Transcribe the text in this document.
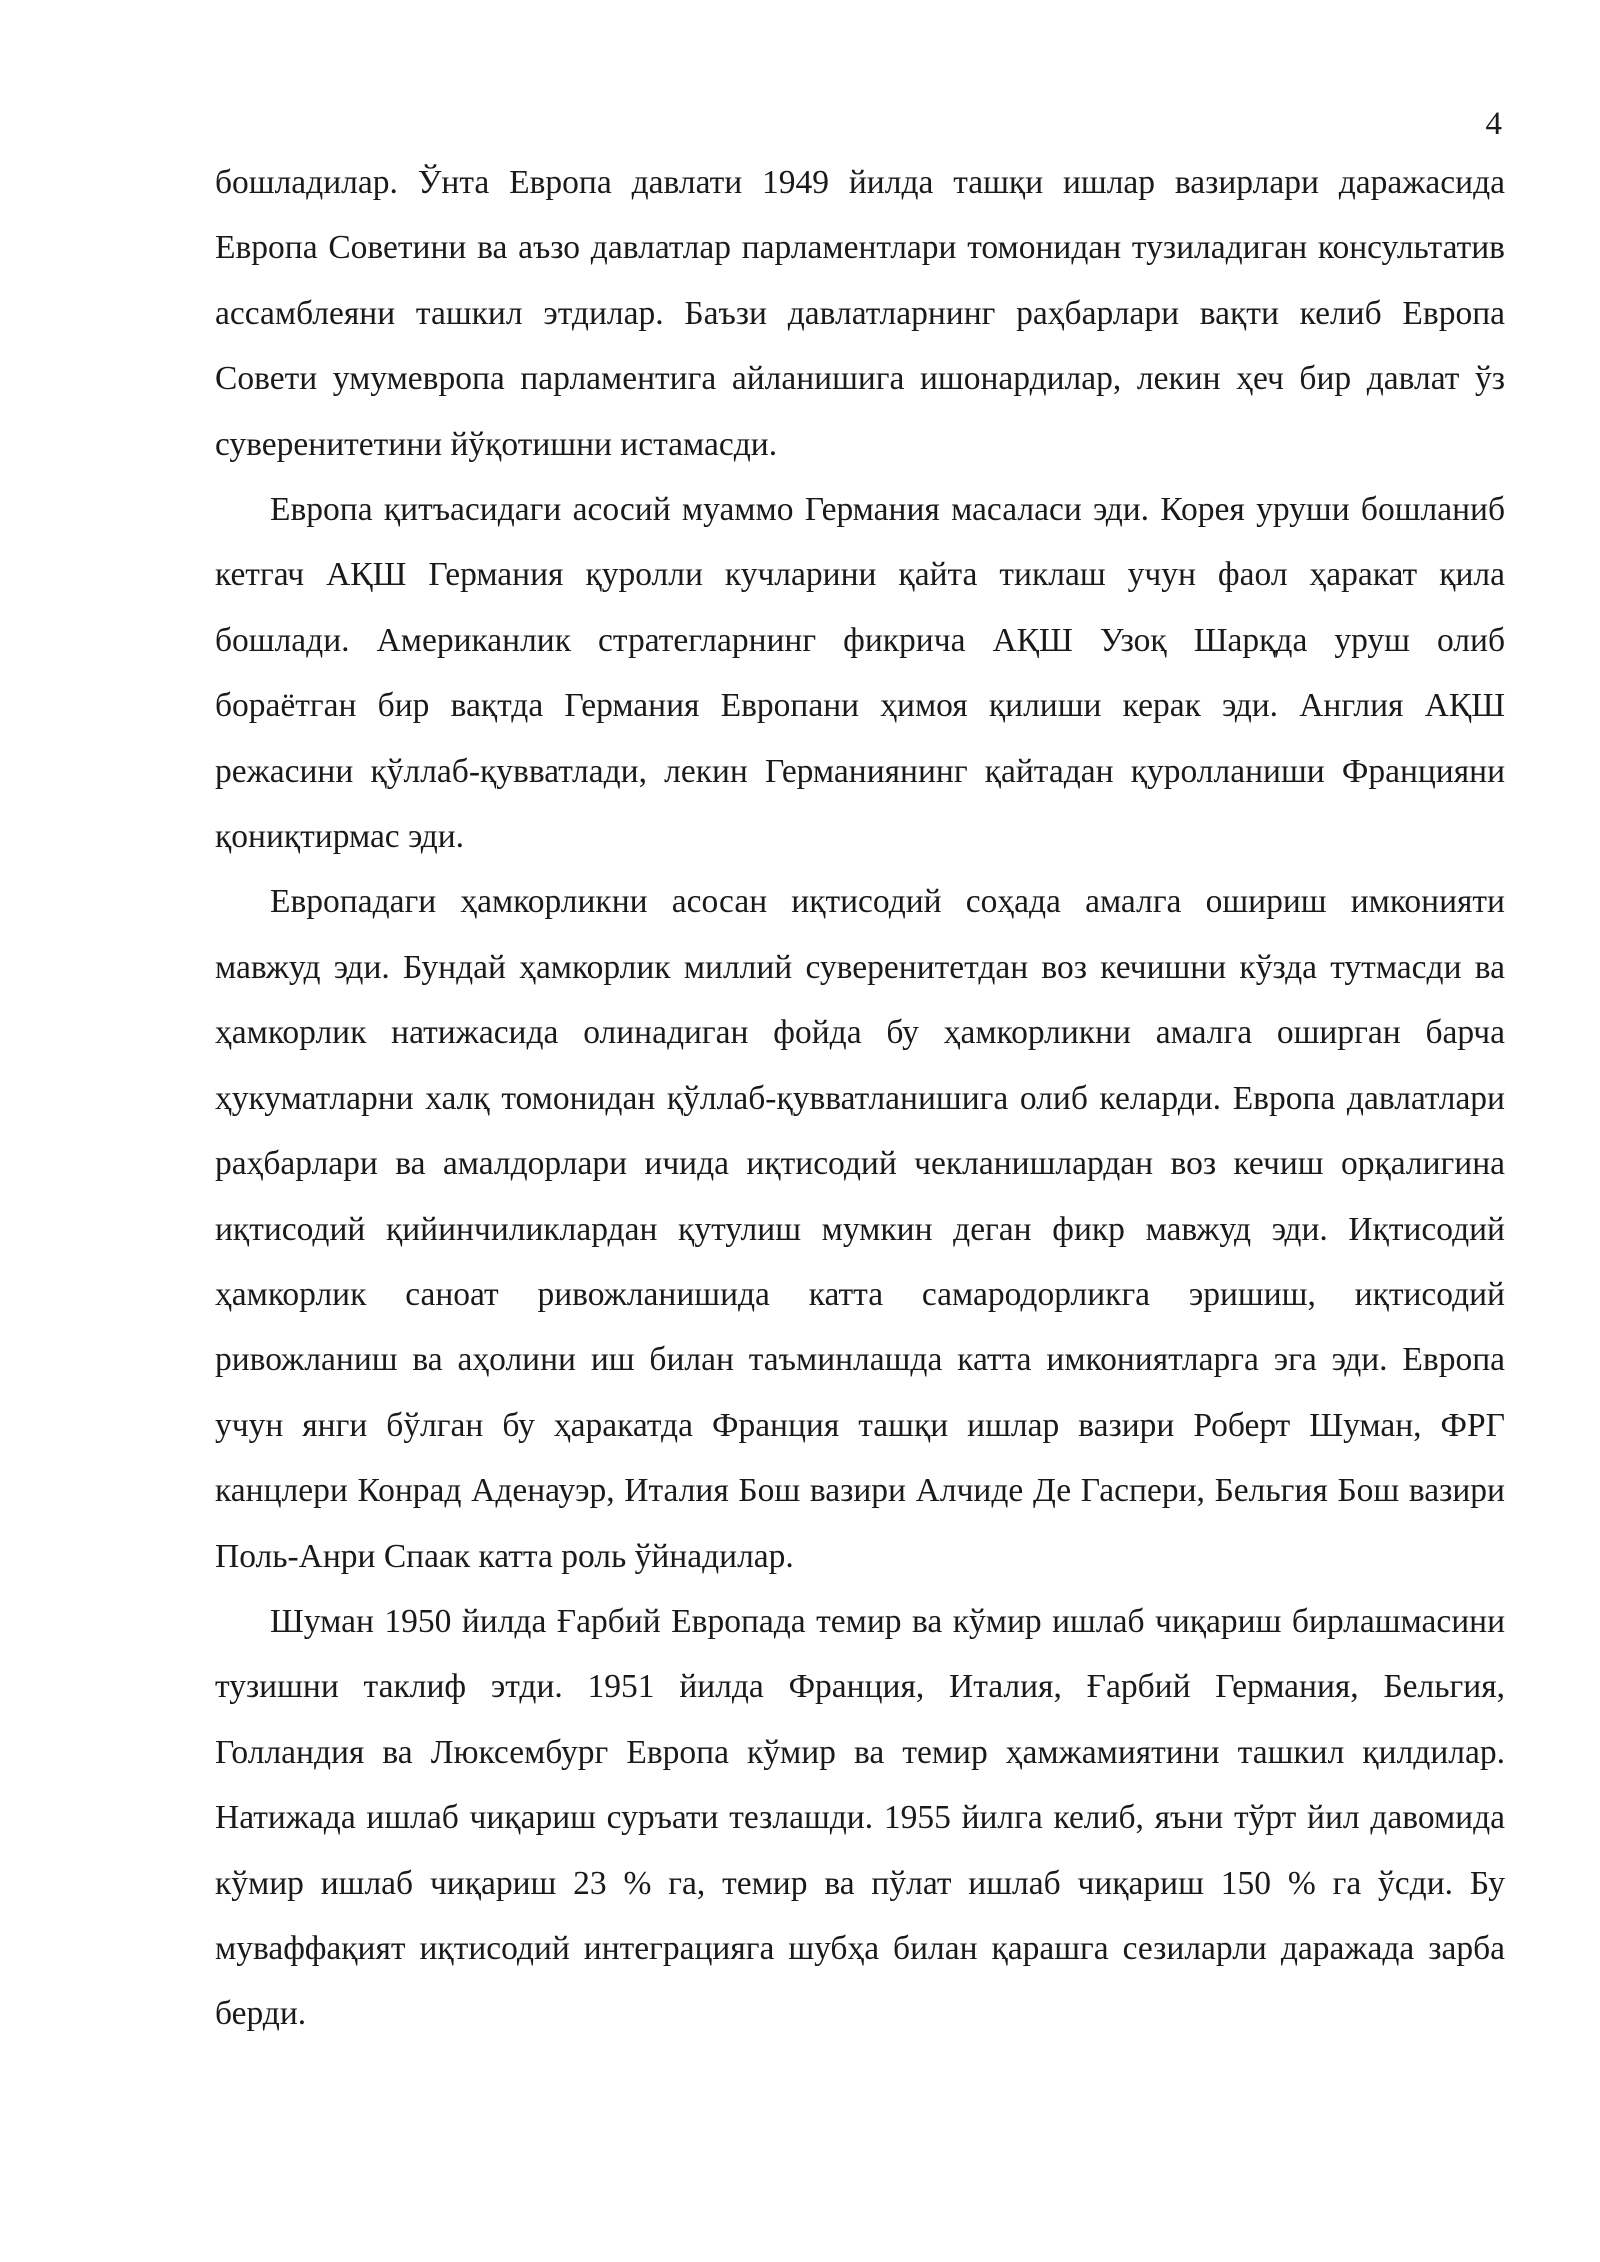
4

бошладилар. Ўнта Европа давлати 1949 йилда ташқи ишлар вазирлари даражасида Европа Советини ва аъзо давлатлар парламентлари томонидан тузиладиган консультатив ассамблеяни ташкил этдилар. Баъзи давлатларнинг раҳбарлари вақти келиб Европа Совети умумевропа парламентига айланишига ишонардилар, лекин ҳеч бир давлат ўз суверенитетини йўқотишни истамасди.

Европа қитъасидаги асосий муаммо Германия масаласи эди. Корея уруши бошланиб кетгач АҚШ Германия қуролли кучларини қайта тиклаш учун фаол ҳаракат қила бошлади. Американлик стратегларнинг фикрича АҚШ Узоқ Шарқда уруш олиб бораётган бир вақтда Германия Европани ҳимоя қилиши керак эди. Англия АҚШ режасини қўллаб-қувватлади, лекин Германиянинг қайтадан қуролланиши Францияни қониқтирмас эди.

Европадаги ҳамкорликни асосан иқтисодий соҳада амалга ошириш имконияти мавжуд эди. Бундай ҳамкорлик миллий суверенитетдан воз кечишни кўзда тутмасди ва ҳамкорлик натижасида олинадиган фойда бу ҳамкорликни амалга оширган барча ҳукуматларни халқ томонидан қўллаб-қувватланишига олиб келарди. Европа давлатлари раҳбарлари ва амалдорлари ичида иқтисодий чекланишлардан воз кечиш орқалигина иқтисодий қийинчиликлардан қутулиш мумкин деган фикр мавжуд эди. Иқтисодий ҳамкорлик саноат ривожланишида катта самародорликга эришиш, иқтисодий ривожланиш ва аҳолини иш билан таъминлашда катта имкониятларга эга эди. Европа учун янги бўлган бу ҳаракатда Франция ташқи ишлар вазири Роберт Шуман, ФРГ канцлери Конрад Аденауэр, Италия Бош вазири Алчиде Де Гаспери, Бельгия Бош вазири Поль-Анри Спаак катта роль ўйнадилар.

Шуман 1950 йилда Ғарбий Европада темир ва кўмир ишлаб чиқариш бирлашмасини тузишни таклиф этди. 1951 йилда Франция, Италия, Ғарбий Германия, Бельгия, Голландия ва Люксембург Европа кўмир ва темир ҳамжамиятини ташкил қилдилар. Натижада ишлаб чиқариш суръати тезлашди. 1955 йилга келиб, яъни тўрт йил давомида кўмир ишлаб чиқариш 23 % га, темир ва пўлат ишлаб чиқариш 150 % га ўсди. Бу муваффақият иқтисодий интеграцияга шубҳа билан қарашга сезиларли даражада зарба берди.
